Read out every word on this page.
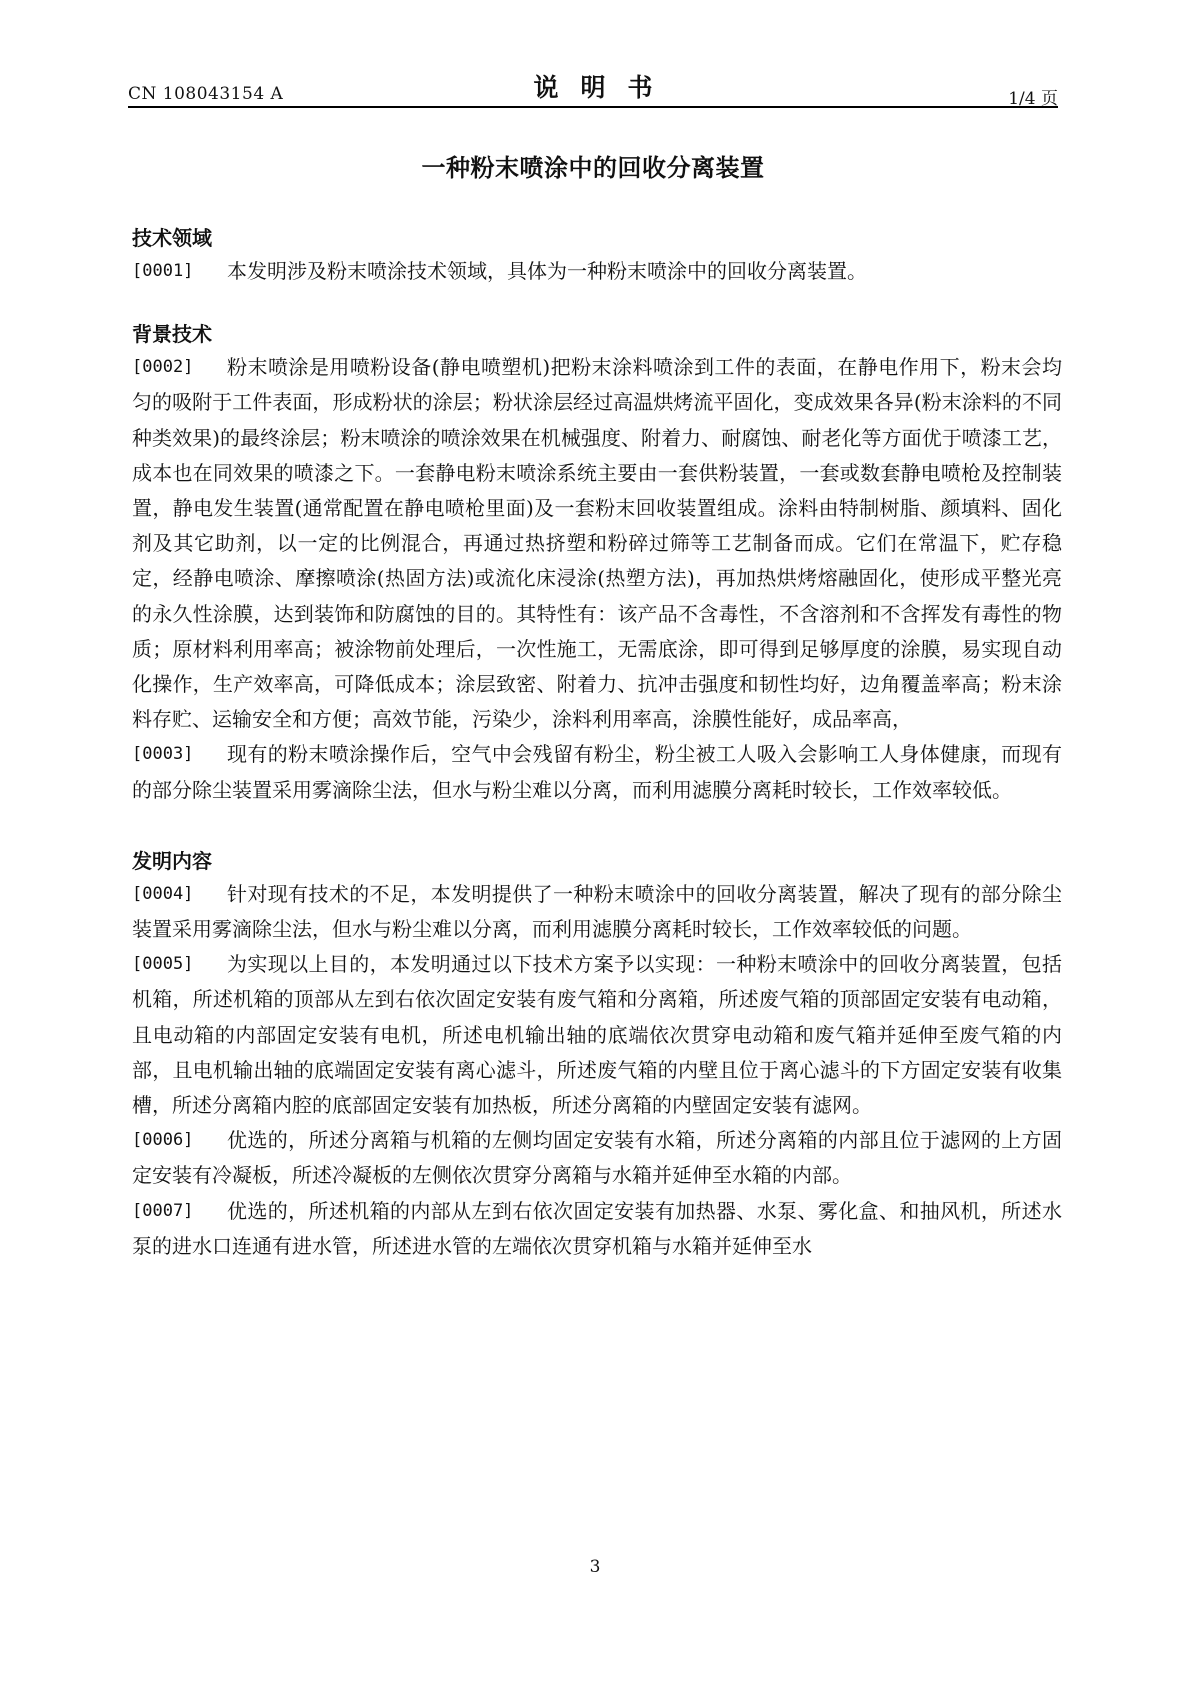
CN 108043154 A	说明书	1/4 页
一种粉末喷涂中的回收分离装置
技术领域

[0001] 本发明涉及粉末喷涂技术领域，具体为一种粉末喷涂中的回收分离装置。

背景技术

[0002] 粉末喷涂是用喷粉设备(静电喷塑机)把粉末涂料喷涂到工件的表面，在静电作用下，粉末会均匀的吸附于工件表面，形成粉状的涂层；粉状涂层经过高温烘烤流平固化，变成效果各异(粉末涂料的不同种类效果)的最终涂层；粉末喷涂的喷涂效果在机械强度、附着力、耐腐蚀、耐老化等方面优于喷漆工艺，成本也在同效果的喷漆之下。一套静电粉末喷涂系统主要由一套供粉装置，一套或数套静电喷枪及控制装置，静电发生装置(通常配置在静电喷枪里面)及一套粉末回收装置组成。涂料由特制树脂、颜填料、固化剂及其它助剂，以一定的比例混合，再通过热挤塑和粉碎过筛等工艺制备而成。它们在常温下，贮存稳定，经静电喷涂、摩擦喷涂(热固方法)或流化床浸涂(热塑方法)，再加热烘烤熔融固化，使形成平整光亮的永久性涂膜，达到装饰和防腐蚀的目的。其特性有：该产品不含毒性，不含溶剂和不含挥发有毒性的物质；原材料利用率高；被涂物前处理后，一次性施工，无需底涂，即可得到足够厚度的涂膜，易实现自动化操作，生产效率高，可降低成本；涂层致密、附着力、抗冲击强度和韧性均好，边角覆盖率高；粉末涂料存贮、运输安全和方便；高效节能，污染少，涂料利用率高，涂膜性能好，成品率高，

[0003] 现有的粉末喷涂操作后，空气中会残留有粉尘，粉尘被工人吸入会影响工人身体健康，而现有的部分除尘装置采用雾滴除尘法，但水与粉尘难以分离，而利用滤膜分离耗时较长，工作效率较低。

发明内容

[0004] 针对现有技术的不足，本发明提供了一种粉末喷涂中的回收分离装置，解决了现有的部分除尘装置采用雾滴除尘法，但水与粉尘难以分离，而利用滤膜分离耗时较长，工作效率较低的问题。

[0005] 为实现以上目的，本发明通过以下技术方案予以实现：一种粉末喷涂中的回收分离装置，包括机箱，所述机箱的顶部从左到右依次固定安装有废气箱和分离箱，所述废气箱的顶部固定安装有电动箱，且电动箱的内部固定安装有电机，所述电机输出轴的底端依次贯穿电动箱和废气箱并延伸至废气箱的内部，且电机输出轴的底端固定安装有离心滤斗，所述废气箱的内壁且位于离心滤斗的下方固定安装有收集槽，所述分离箱内腔的底部固定安装有加热板，所述分离箱的内壁固定安装有滤网。

[0006] 优选的，所述分离箱与机箱的左侧均固定安装有水箱，所述分离箱的内部且位于滤网的上方固定安装有冷凝板，所述冷凝板的左侧依次贯穿分离箱与水箱并延伸至水箱的内部。

[0007] 优选的，所述机箱的内部从左到右依次固定安装有加热器、水泵、雾化盒、和抽风机，所述水泵的进水口连通有进水管，所述进水管的左端依次贯穿机箱与水箱并延伸至水

3
